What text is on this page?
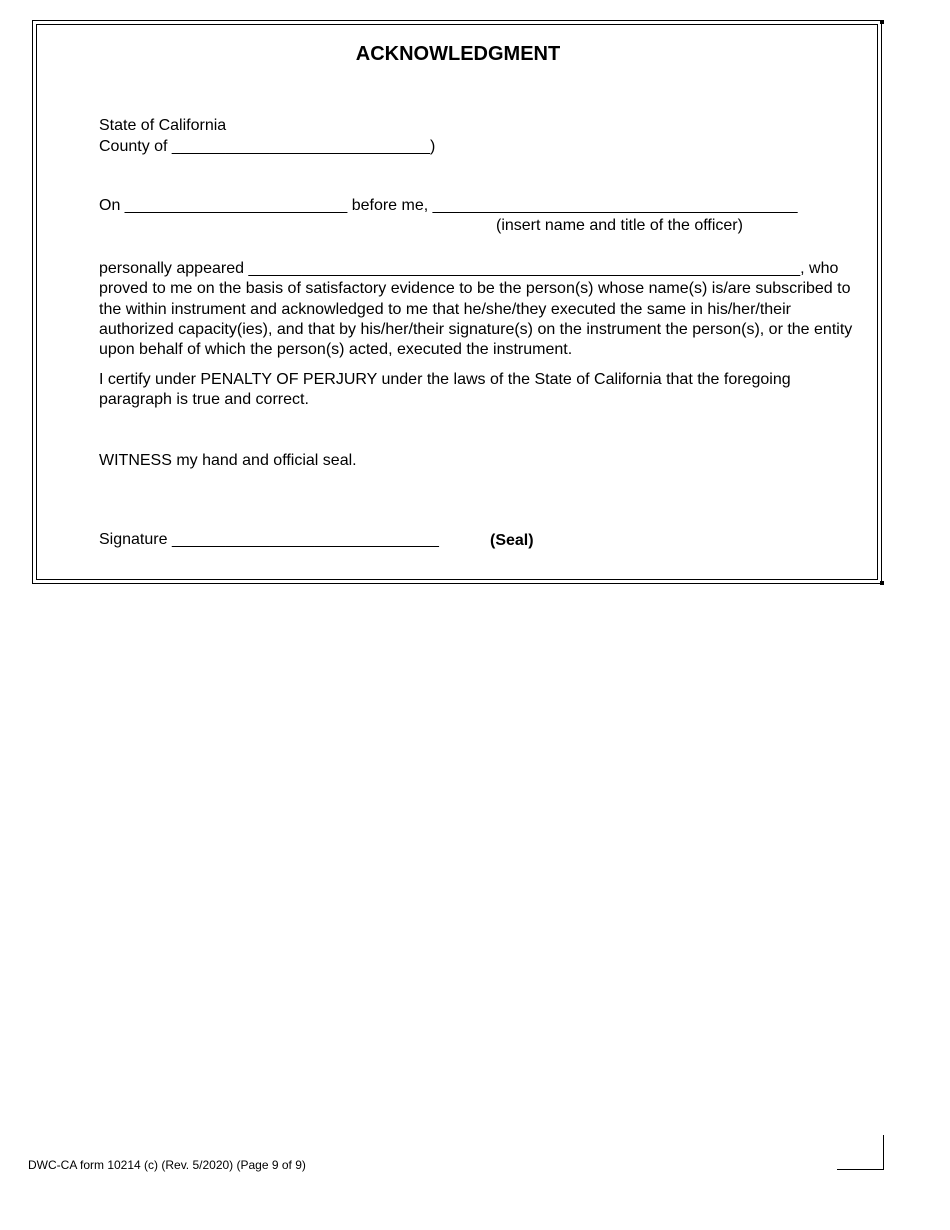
ACKNOWLEDGMENT
State of California
County of _____________________________)
On _________________________ before me, _________________________________________
(insert name and title of the officer)
personally appeared ______________________________________________________________, who proved to me on the basis of satisfactory evidence to be the person(s) whose name(s) is/are subscribed to the within instrument and acknowledged to me that he/she/they executed the same in his/her/their authorized capacity(ies), and that by his/her/their signature(s) on the instrument the person(s), or the entity upon behalf of which the person(s) acted, executed the instrument.
I certify under PENALTY OF PERJURY under the laws of the State of California that the foregoing paragraph is true and correct.
WITNESS my hand and official seal.
Signature ______________________________	(Seal)
DWC-CA form 10214 (c) (Rev. 5/2020) (Page 9 of 9)
